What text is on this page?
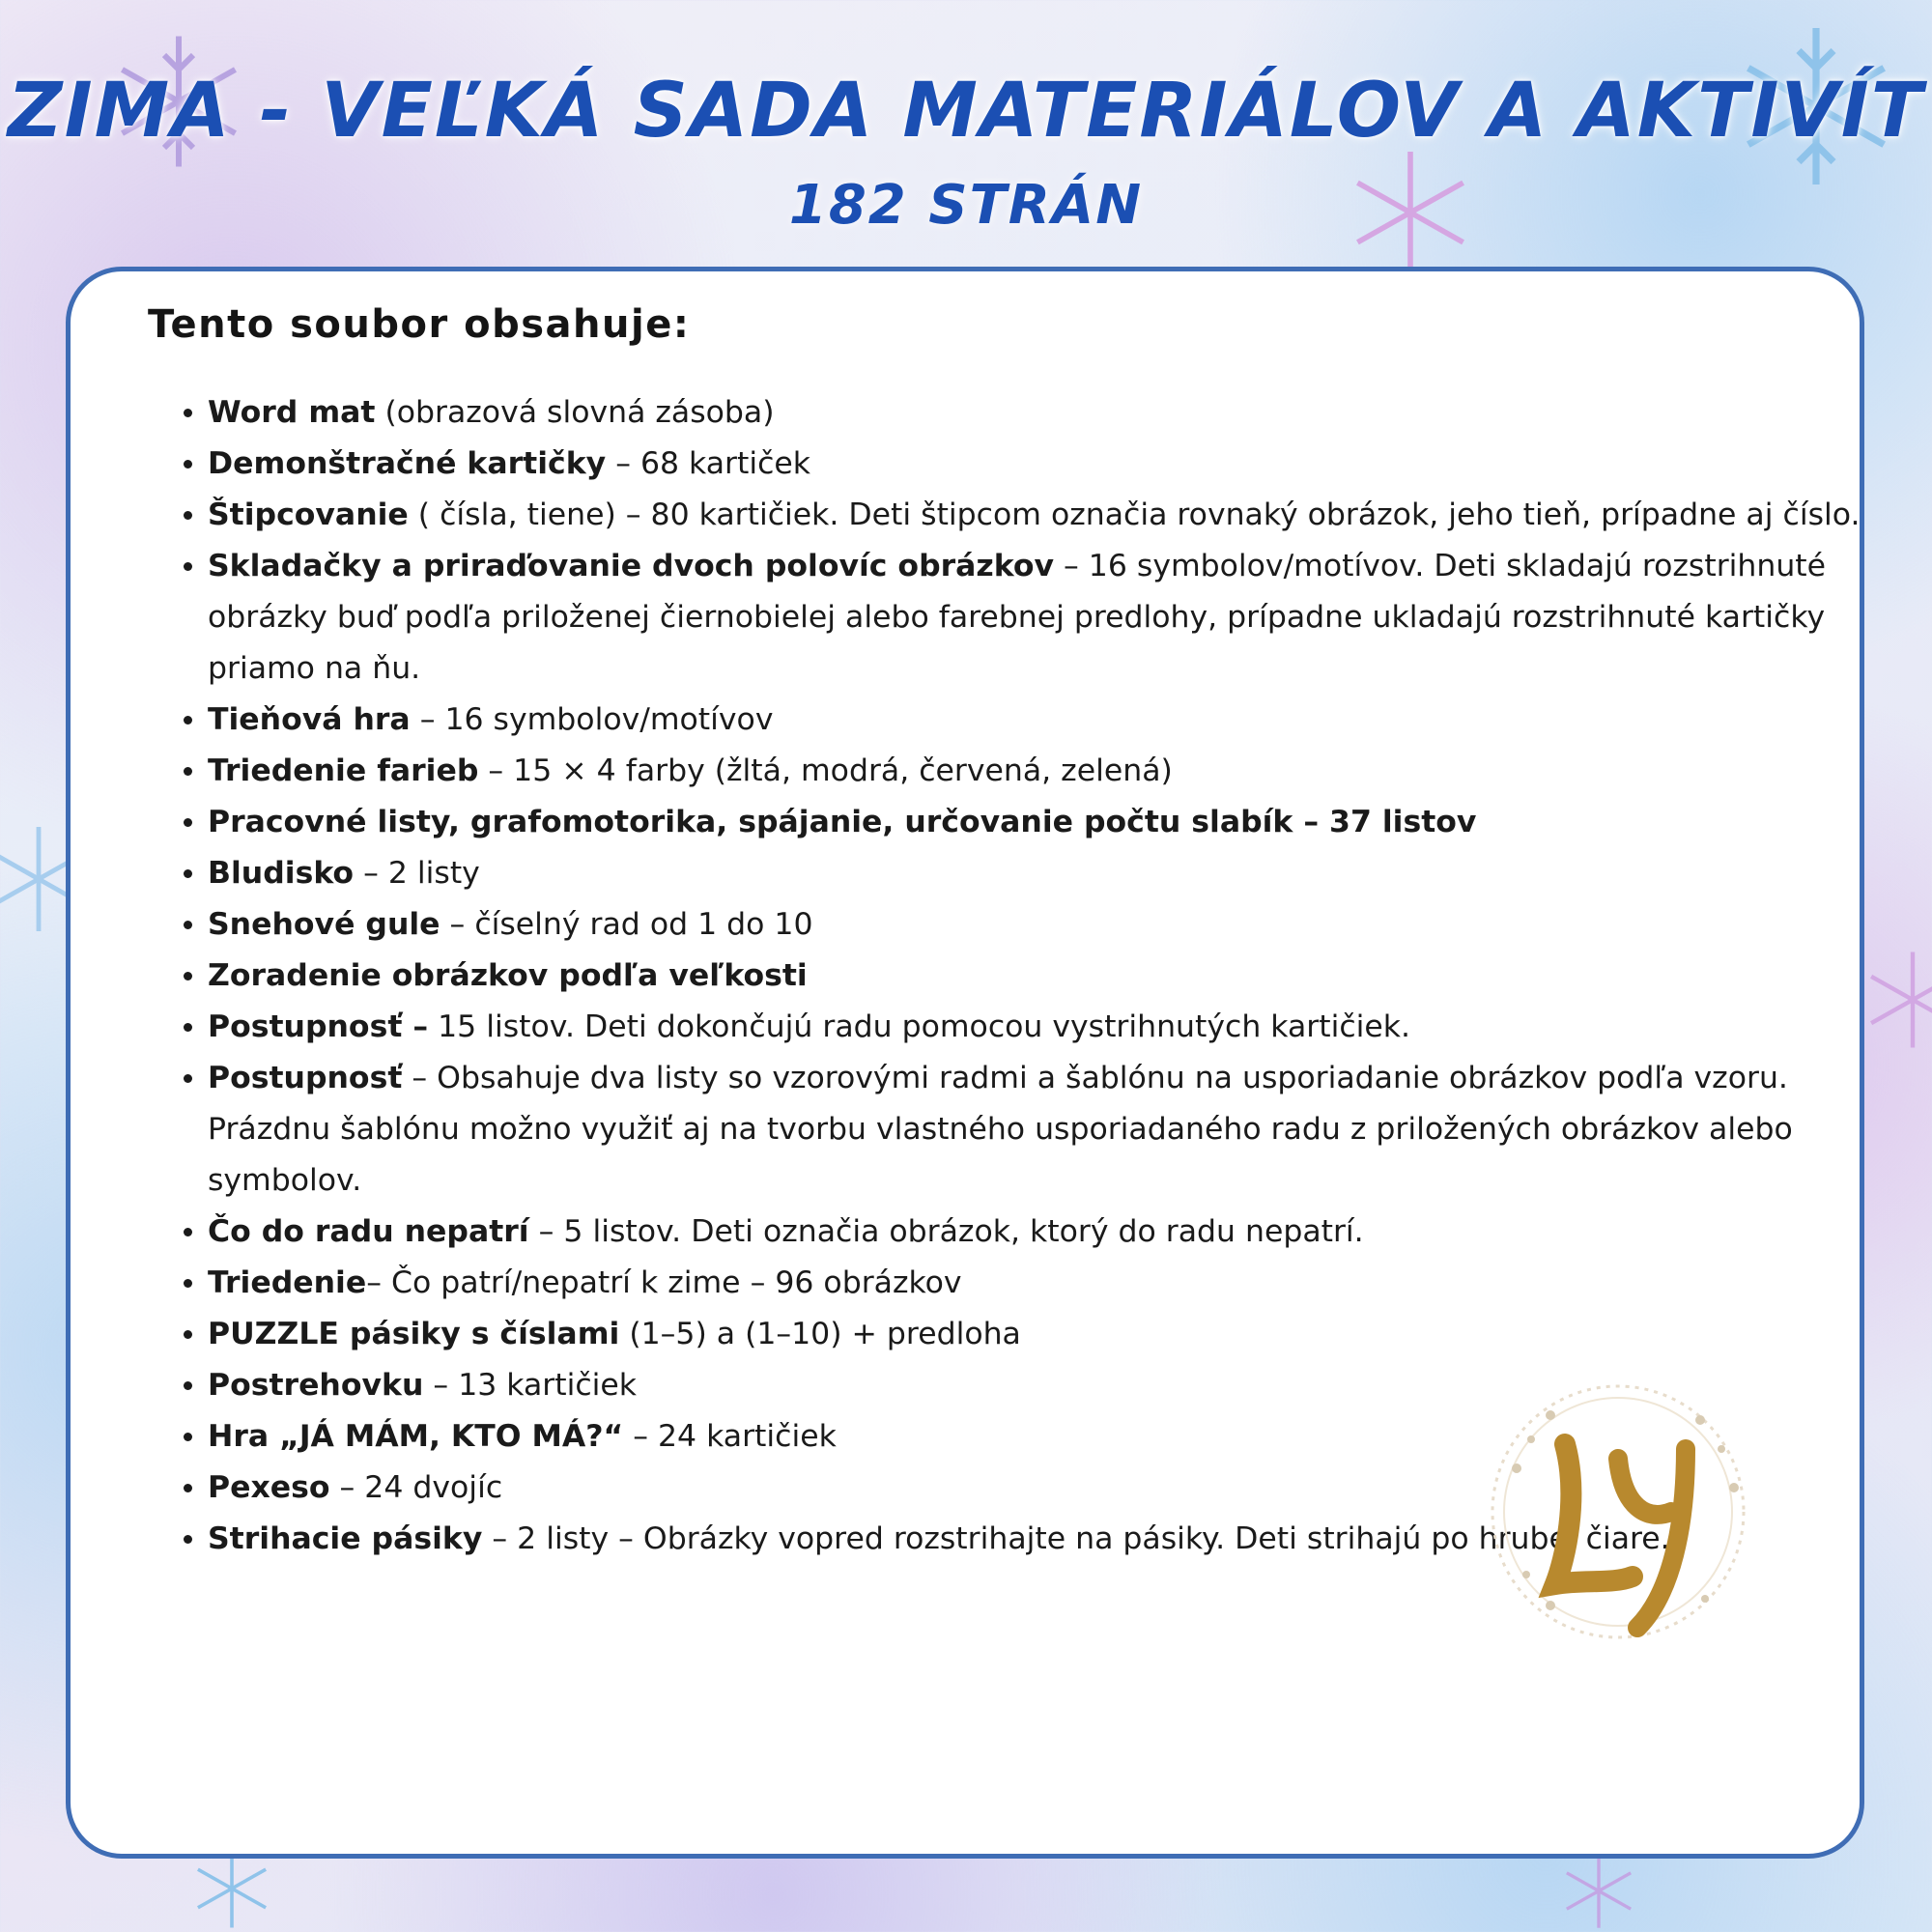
ZIMA - VEĽKÁ SADA MATERIÁLOV A AKTIVÍT
182 STRÁN
Tento soubor obsahuje:
• Word mat (obrazová slovná zásoba)
• Demonštračné kartičky – 68 kartiček
• Štipcovanie ( čísla, tiene) – 80 kartičiek. Deti štipcom označia rovnaký obrázok, jeho tieň, prípadne aj číslo.
• Skladačky a priraďovanie dvoch polovíc obrázkov – 16 symbolov/motívov. Deti skladajú rozstrihnuté obrázky buď podľa priloženej čiernobielej alebo farebnej predlohy, prípadne ukladajú rozstrihnuté kartičky priamo na ňu.
• Tieňová hra – 16 symbolov/motívov
• Triedenie farieb – 15 × 4 farby (žltá, modrá, červená, zelená)
• Pracovné listy, grafomotorika, spájanie, určovanie počtu slabík – 37 listov
• Bludisko – 2 listy
• Snehové gule – číselný rad od 1 do 10
• Zoradenie obrázkov podľa veľkosti
• Postupnosť – 15 listov. Deti dokončujú radu pomocou vystrihnutých kartičiek.
• Postupnosť – Obsahuje dva listy so vzorovými radmi a šablónu na usporiadanie obrázkov podľa vzoru. Prázdnu šablónu možno využiť aj na tvorbu vlastného usporiadaného radu z priložených obrázkov alebo symbolov.
• Čo do radu nepatrí – 5 listov. Deti označia obrázok, ktorý do radu nepatrí.
• Triedenie– Čo patrí/nepatrí k zime – 96 obrázkov
• PUZZLE pásiky s číslami (1–5) a (1–10) + predloha
• Postrehovku – 13 kartičiek
• Hra „JÁ MÁM, KTO MÁ?“ – 24 kartičiek
• Pexeso – 24 dvojíc
• Strihacie pásiky – 2 listy – Obrázky vopred rozstrihajte na pásiky. Deti strihajú po hrubej čiare.
